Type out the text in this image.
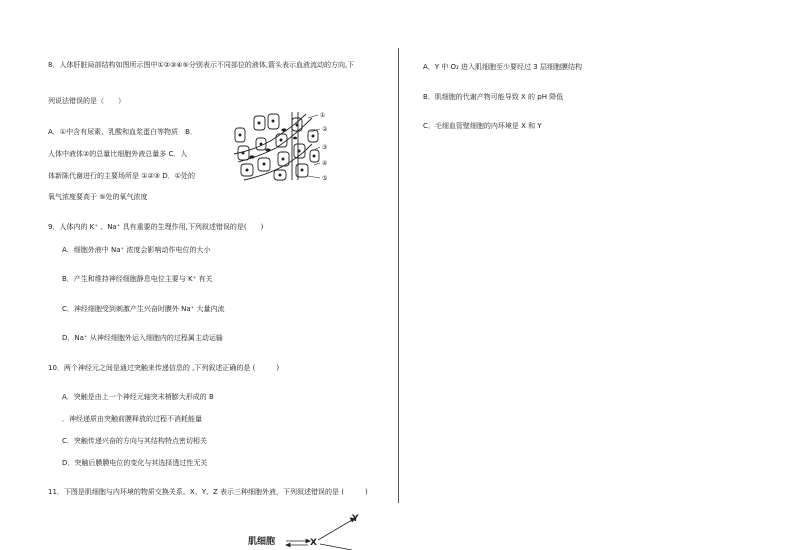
8．人体肝脏局部结构如图所示图中①②③④⑤分别表示不同部位的液体,箭头表示血液流动的方向,下
列说法错误的是（　　）
A．①中含有尿素、乳酸和血浆蛋白等物质　B．
人体中液体②的总量比细胞外液总量多 C．人
体新陈代谢进行的主要场所是 ①②③ D．①处的
氧气浓度要高于 ⑤处的氧气浓度
①
②
③
④
⑤
9．人体内的 K⁺ 、Na⁺ 具有重要的生理作用,下列叙述错误的是(　　)
A．细胞外液中 Na⁺ 浓度会影响动作电位的大小
B．产生和维持神经细胞静息电位主要与 K⁺ 有关
C．神经细胞受到刺激产生兴奋时膜外 Na⁺ 大量内流
D．Na⁺ 从神经细胞外运入细胞内的过程属主动运输
10．两个神经元之间是通过突触来传递信息的 ,下列叙述正确的是 (　　　)
A．突触是由上一个神经元轴突末梢膨大形成的 B
．神经递质由突触前膜释放的过程不消耗能量
C．突触传递兴奋的方向与其结构特点密切相关
D．突触后膜膜电位的变化与其选择透过性无关
11．下图是肌细胞与内环境的物质交换关系。X、Y、Z 表示三种细胞外液，下列叙述错误的是 (　　　)
肌细胞	X
Y
A．Y 中 O₂ 进入肌细胞至少要经过 3 层细胞膜结构
B．肌细胞的代谢产物可能导致 X 的 pH 降低
C．毛细血管壁细胞的内环境是 X 和 Y
